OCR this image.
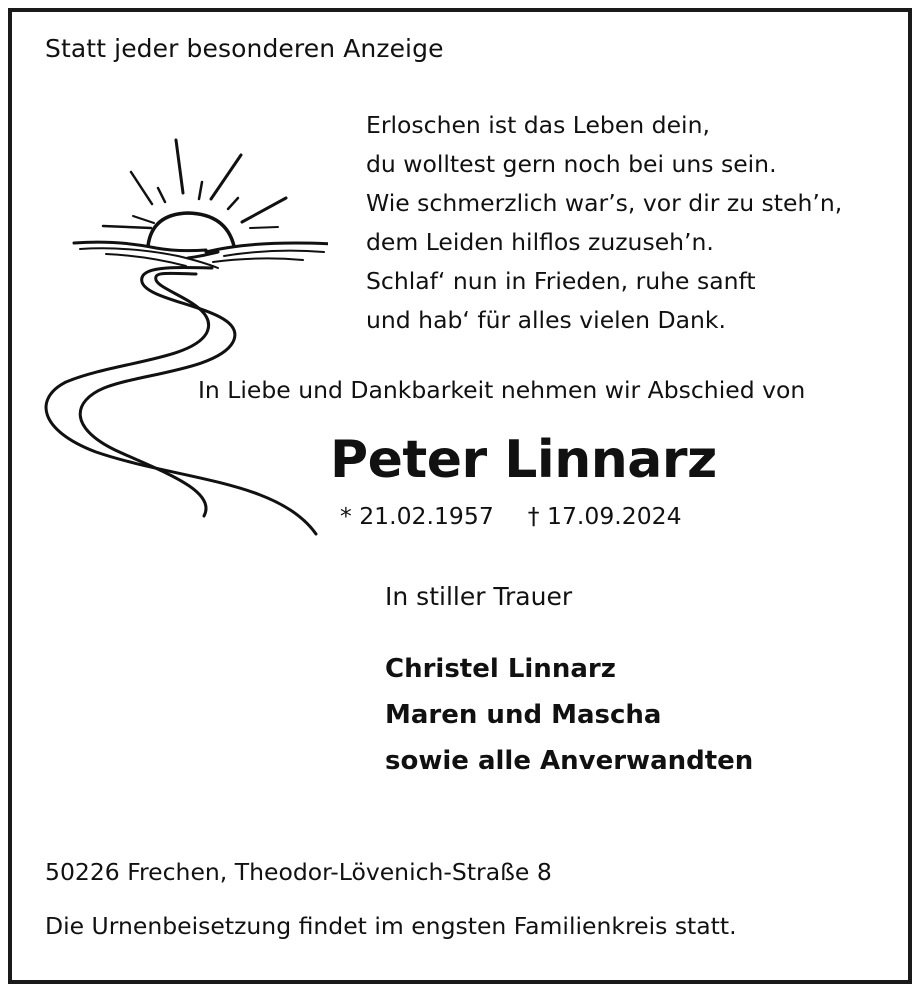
Statt jeder besonderen Anzeige

Erloschen ist das Leben dein,
du wolltest gern noch bei uns sein.
Wie schmerzlich war’s, vor dir zu steh’n,
dem Leiden hilflos zuzuseh’n.
Schlaf‘ nun in Frieden, ruhe sanft
und hab‘ für alles vielen Dank.

In Liebe und Dankbarkeit nehmen wir Abschied von

Peter Linnarz

* 21.02.1957 † 17.09.2024

In stiller Trauer

Christel Linnarz
Maren und Mascha
sowie alle Anverwandten

50226 Frechen, Theodor-Lövenich-Straße 8

Die Urnenbeisetzung findet im engsten Familienkreis statt.
